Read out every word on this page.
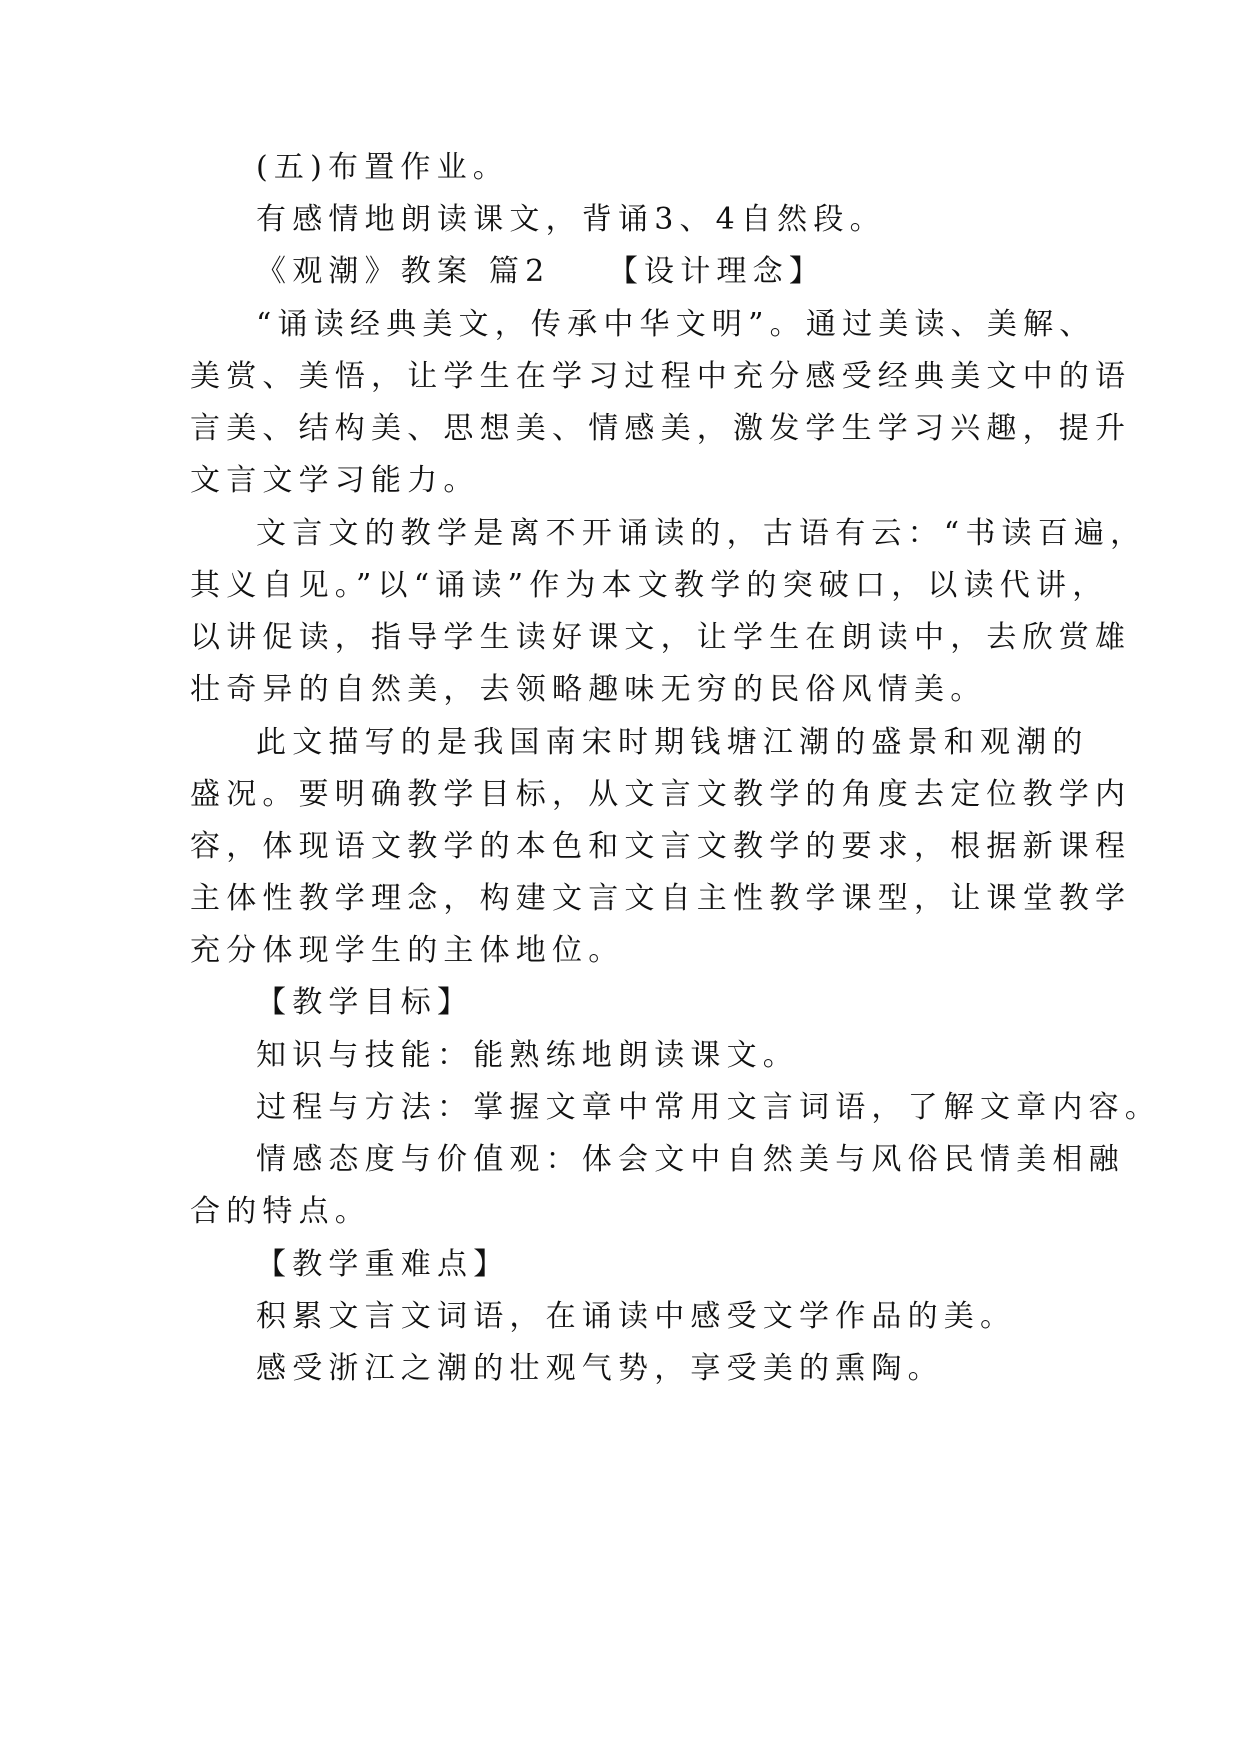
(五)布置作业。
有感情地朗读课文，背诵3、4自然段。
《观潮》教案 篇2　　【设计理念】
“诵读经典美文，传承中华文明”。通过美读、美解、
美赏、美悟，让学生在学习过程中充分感受经典美文中的语
言美、结构美、思想美、情感美，激发学生学习兴趣，提升
文言文学习能力。
文言文的教学是离不开诵读的，古语有云：“书读百遍，
其义自见。”以“诵读”作为本文教学的突破口，以读代讲，
以讲促读，指导学生读好课文，让学生在朗读中，去欣赏雄
壮奇异的自然美，去领略趣味无穷的民俗风情美。
此文描写的是我国南宋时期钱塘江潮的盛景和观潮的
盛况。要明确教学目标，从文言文教学的角度去定位教学内
容，体现语文教学的本色和文言文教学的要求，根据新课程
主体性教学理念，构建文言文自主性教学课型，让课堂教学
充分体现学生的主体地位。
【教学目标】
知识与技能：能熟练地朗读课文。
过程与方法：掌握文章中常用文言词语，了解文章内容。
情感态度与价值观：体会文中自然美与风俗民情美相融
合的特点。
【教学重难点】
积累文言文词语，在诵读中感受文学作品的美。
感受浙江之潮的壮观气势，享受美的熏陶。
